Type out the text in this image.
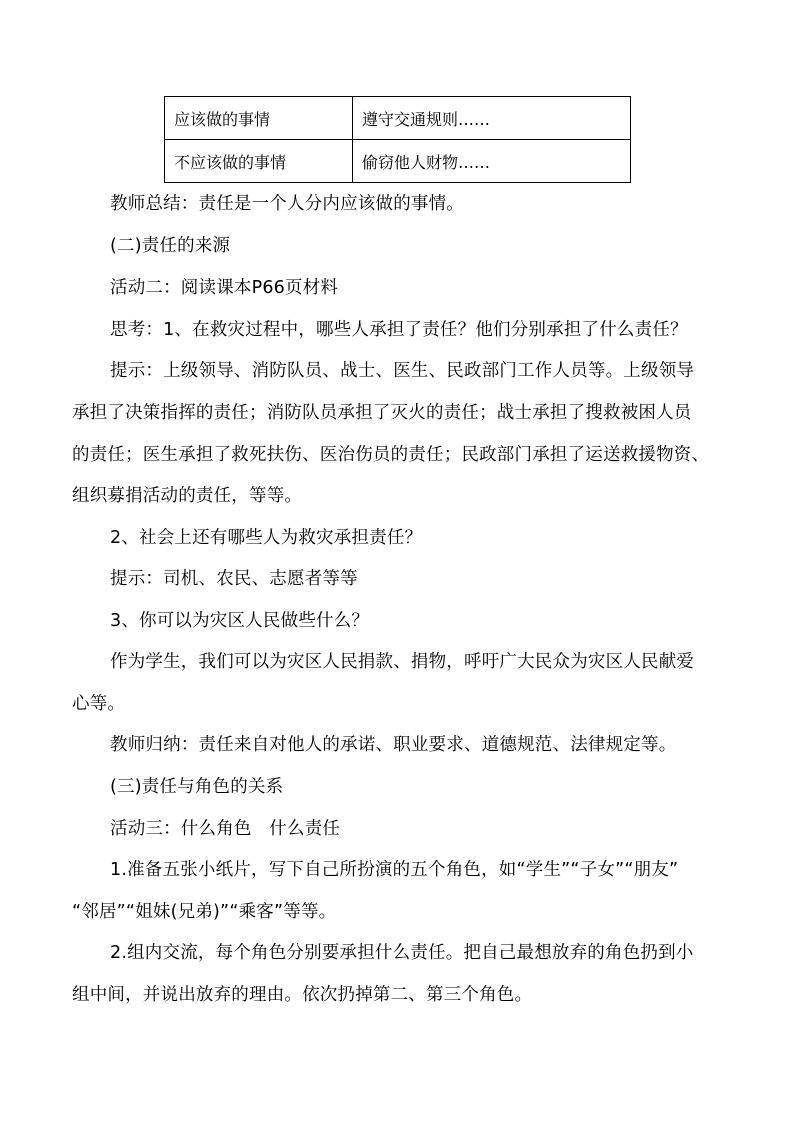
应该做的事情	遵守交通规则……
不应该做的事情	偷窃他人财物……
教师总结：责任是一个人分内应该做的事情。
(二)责任的来源
活动二：阅读课本P66页材料
思考：1、在救灾过程中，哪些人承担了责任？他们分别承担了什么责任？
提示：上级领导、消防队员、战士、医生、民政部门工作人员等。上级领导
承担了决策指挥的责任；消防队员承担了灭火的责任；战士承担了搜救被困人员
的责任；医生承担了救死扶伤、医治伤员的责任；民政部门承担了运送救援物资、
组织募捐活动的责任，等等。
2、社会上还有哪些人为救灾承担责任？
提示：司机、农民、志愿者等等
3、你可以为灾区人民做些什么？
作为学生，我们可以为灾区人民捐款、捐物，呼吁广大民众为灾区人民献爱
心等。
教师归纳：责任来自对他人的承诺、职业要求、道德规范、法律规定等。
(三)责任与角色的关系
活动三：什么角色　什么责任
1.准备五张小纸片，写下自己所扮演的五个角色，如“学生”“子女”“朋友”
“邻居”“姐妹(兄弟)”“乘客”等等。
2.组内交流，每个角色分别要承担什么责任。把自己最想放弃的角色扔到小
组中间，并说出放弃的理由。依次扔掉第二、第三个角色。
